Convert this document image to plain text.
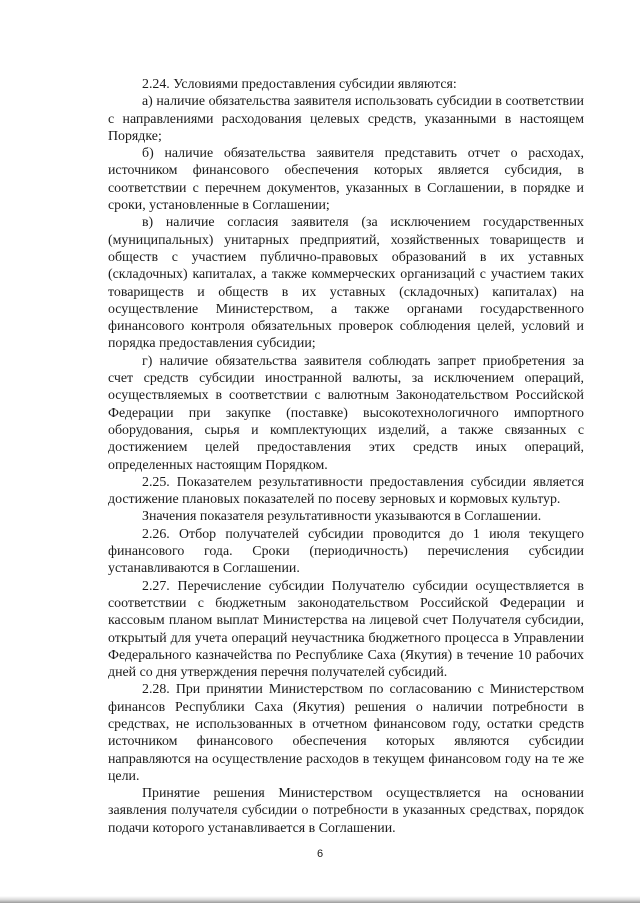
2.24. Условиями предоставления субсидии являются:

а) наличие обязательства заявителя использовать субсидии в соответствии с направлениями расходования целевых средств, указанными в настоящем Порядке;

б) наличие обязательства заявителя представить отчет о расходах, источником финансового обеспечения которых является субсидия, в соответствии с перечнем документов, указанных в Соглашении, в порядке и сроки, установленные в Соглашении;

в) наличие согласия заявителя (за исключением государственных (муниципальных) унитарных предприятий, хозяйственных товариществ и обществ с участием публично-правовых образований в их уставных (складочных) капиталах, а также коммерческих организаций с участием таких товариществ и обществ в их уставных (складочных) капиталах) на осуществление Министерством, а также органами государственного финансового контроля обязательных проверок соблюдения целей, условий и порядка предоставления субсидии;

г) наличие обязательства заявителя соблюдать запрет приобретения за счет средств субсидии иностранной валюты, за исключением операций, осуществляемых в соответствии с валютным Законодательством Российской Федерации при закупке (поставке) высокотехнологичного импортного оборудования, сырья и комплектующих изделий, а также связанных с достижением целей предоставления этих средств иных операций, определенных настоящим Порядком.

2.25. Показателем результативности предоставления субсидии является достижение плановых показателей по посеву зерновых и кормовых культур.

Значения показателя результативности указываются в Соглашении.

2.26. Отбор получателей субсидии проводится до 1 июля текущего финансового года. Сроки (периодичность) перечисления субсидии устанавливаются в Соглашении.

2.27. Перечисление субсидии Получателю субсидии осуществляется в соответствии с бюджетным законодательством Российской Федерации и кассовым планом выплат Министерства на лицевой счет Получателя субсидии, открытый для учета операций неучастника бюджетного процесса в Управлении Федерального казначейства по Республике Саха (Якутия) в течение 10 рабочих дней со дня утверждения перечня получателей субсидий.

2.28. При принятии Министерством по согласованию с Министерством финансов Республики Саха (Якутия) решения о наличии потребности в средствах, не использованных в отчетном финансовом году, остатки средств источником финансового обеспечения которых являются субсидии направляются на осуществление расходов в текущем финансовом году на те же цели.

Принятие решения Министерством осуществляется на основании заявления получателя субсидии о потребности в указанных средствах, порядок подачи которого устанавливается в Соглашении.

6
